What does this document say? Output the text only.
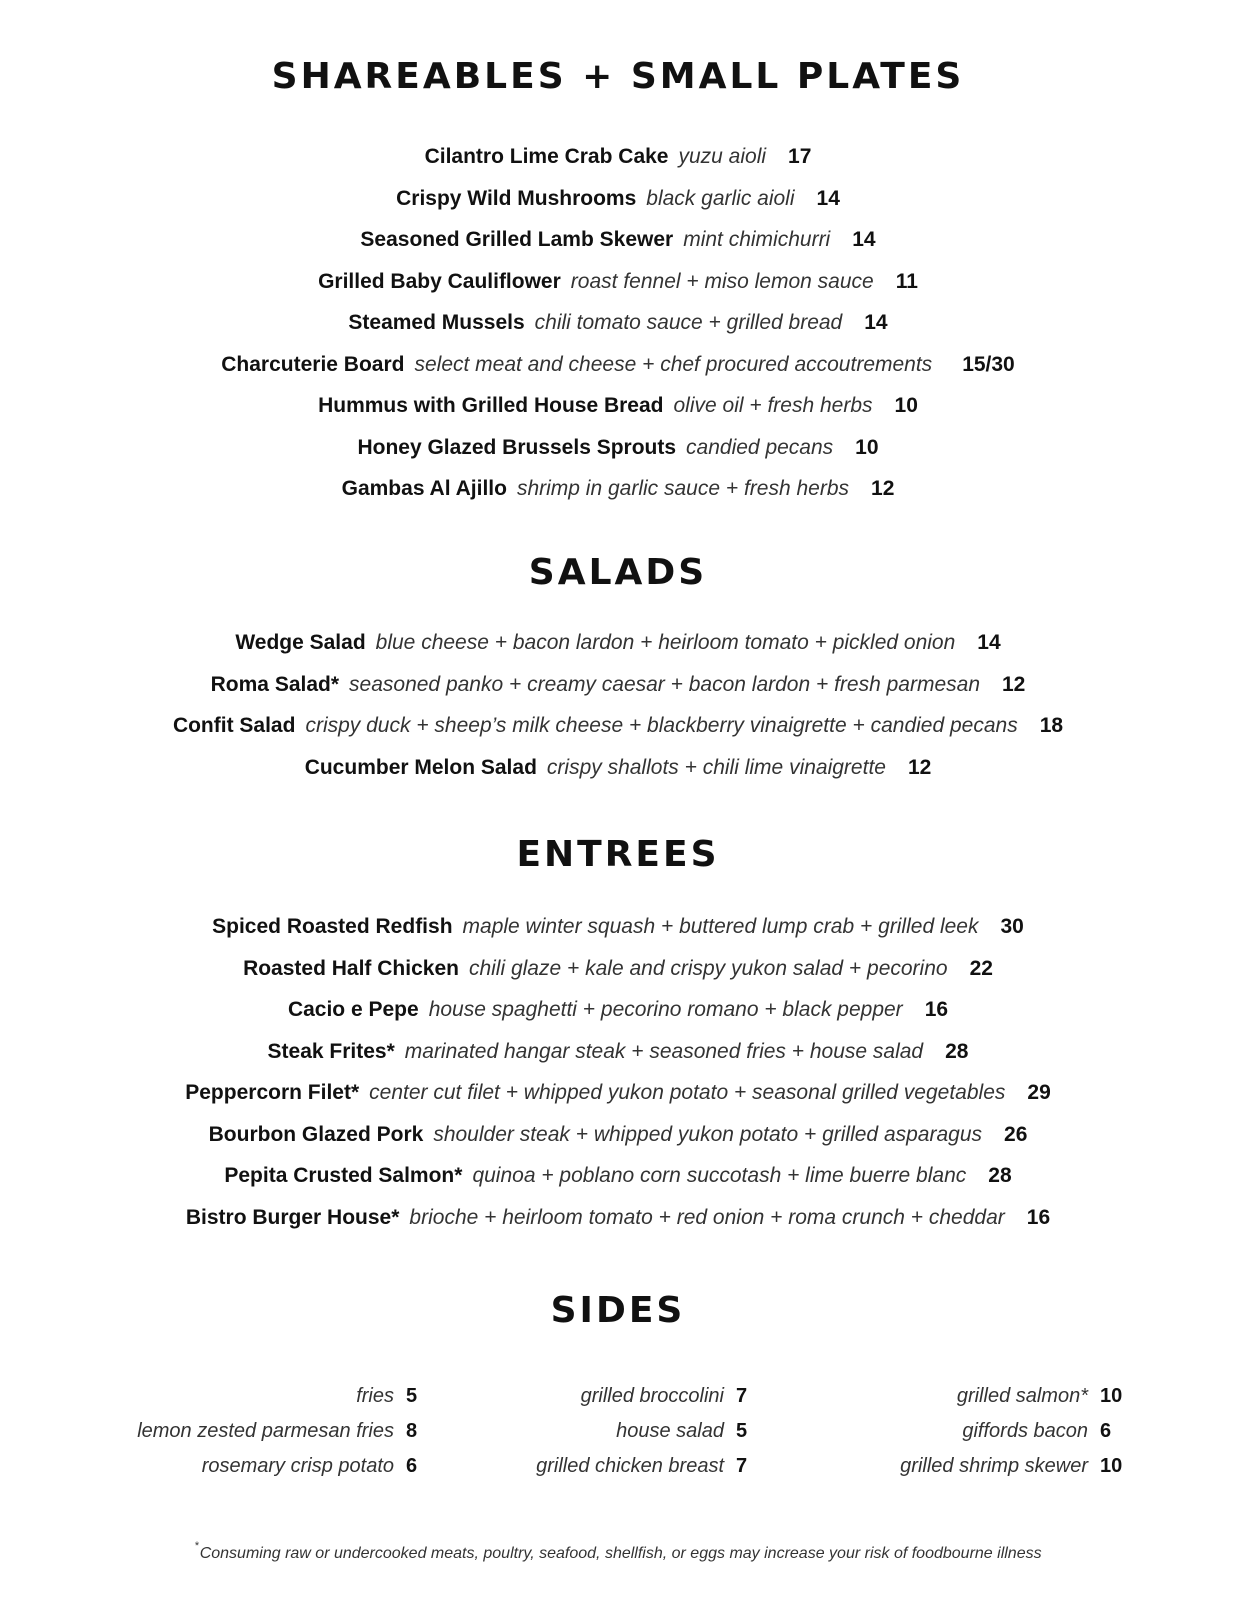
SHAREABLES + SMALL PLATES
Cilantro Lime Crab Cake yuzu aioli 17
Crispy Wild Mushrooms black garlic aioli 14
Seasoned Grilled Lamb Skewer mint chimichurri 14
Grilled Baby Cauliflower roast fennel + miso lemon sauce 11
Steamed Mussels chili tomato sauce + grilled bread 14
Charcuterie Board select meat and cheese + chef procured accoutrements 15/30
Hummus with Grilled House Bread olive oil + fresh herbs 10
Honey Glazed Brussels Sprouts candied pecans 10
Gambas Al Ajillo shrimp in garlic sauce + fresh herbs 12
SALADS
Wedge Salad blue cheese + bacon lardon + heirloom tomato + pickled onion 14
Roma Salad* seasoned panko + creamy caesar + bacon lardon + fresh parmesan 12
Confit Salad crispy duck + sheep’s milk cheese + blackberry vinaigrette + candied pecans 18
Cucumber Melon Salad crispy shallots + chili lime vinaigrette 12
ENTREES
Spiced Roasted Redfish maple winter squash + buttered lump crab + grilled leek 30
Roasted Half Chicken chili glaze + kale and crispy yukon salad + pecorino 22
Cacio e Pepe house spaghetti + pecorino romano + black pepper 16
Steak Frites* marinated hangar steak + seasoned fries + house salad 28
Peppercorn Filet* center cut filet + whipped yukon potato + seasonal grilled vegetables 29
Bourbon Glazed Pork shoulder steak + whipped yukon potato + grilled asparagus 26
Pepita Crusted Salmon* quinoa + poblano corn succotash + lime buerre blanc 28
Bistro Burger House* brioche + heirloom tomato + red onion + roma crunch + cheddar 16
SIDES
fries 5
lemon zested parmesan fries 8
rosemary crisp potato 6
grilled broccolini 7
house salad 5
grilled chicken breast 7
grilled salmon* 10
giffords bacon 6
grilled shrimp skewer 10
*Consuming raw or undercooked meats, poultry, seafood, shellfish, or eggs may increase your risk of foodbourne illness
